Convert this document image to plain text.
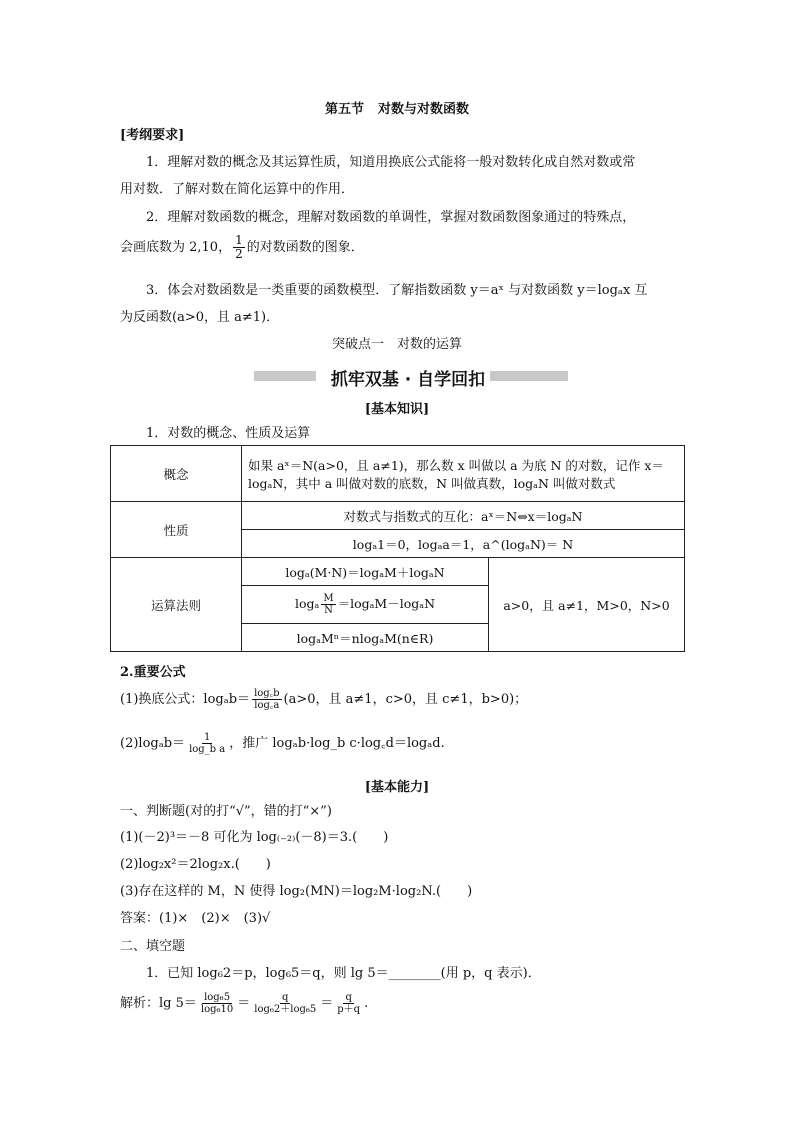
第五节 对数与对数函数
[考纲要求]
1．理解对数的概念及其运算性质，知道用换底公式能将一般对数转化成自然对数或常
用对数．了解对数在简化运算中的作用．
2．理解对数函数的概念，理解对数函数的单调性，掌握对数函数图象通过的特殊点，
会画底数为 2,10， $\frac{1}{2}$ 的对数函数的图象．
3．体会对数函数是一类重要的函数模型．了解指数函数 y＝aˣ 与对数函数 y＝logₐx 互
为反函数(a>0，且 a≠1)．
突破点一　对数的运算
抓牢双基 · 自学回扣
[基本知识]
1．对数的概念、性质及运算
概念	如果 aˣ＝N(a>0，且 a≠1)，那么数 x 叫做以 a 为底 N 的对数，记作 x＝
logₐN，其中 a 叫做对数的底数，N 叫做真数，logₐN 叫做对数式	

性质	对数式与指数式的互化：aˣ＝N⇔x＝logₐN	
	logₐ1＝0，logₐa＝1，a^(logₐN)＝ N	
运算法则	logₐ(M·N)＝logₐM＋logₐN	a>0，且 a≠1，M>0，N>0
	logₐ $\frac{M}{N} =\log_aM-\log_aN$	
	logₐMⁿ＝nlogₐM(n∈R)	
2.重要公式
(1)换底公式：$\log_ab= \frac{\log꜀b}{\log꜀a} (a>0$，且 a≠1，c>0，且 c≠1，b>0)；
$(2)\log_ab= \frac{1}{\text{log\_b a}}$ ，推广 logₐb·log_b c·log꜀d＝logₐd.
[基本能力]
一、判断题(对的打“√”，错的打“×”)
(1)(－2)³＝－8 可化为 log₍₋₂₎(－8)＝3.(　　)
(2)log₂x²＝2log₂x.(　　)
(3)存在这样的 M，N 使得 log₂(MN)＝log₂M·log₂N.(　　)
答案：(1)×　(2)×　(3)√
二、填空题
1．已知 log₆2＝p，log₆5＝q，则 lg 5＝________(用 p，q 表示)．
解析：$\lg 5= \frac{\text{log₆5}}{\text{log₆10}} = \frac{q}{\text{log₆2＋log₆5}} = \frac{q}{p+q}$ .
